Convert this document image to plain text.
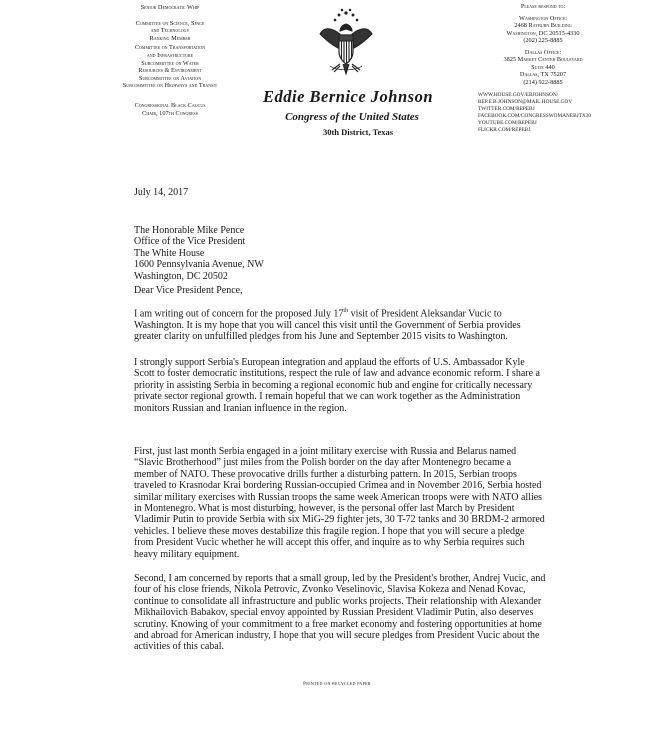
Senior Democratic Whip
Committee on Science, Space
and Technology
Ranking Member
Committee on Transportation
and Infrastructure
Subcommittee on Water
Resources & Environment
Subcommittee on Aviation
Subcommittee on Highways and Transit
Congressional Black Caucus
Chair, 107th Congress
Eddie Bernice Johnson
Congress of the United States
30th District, Texas
Please respond to:
Washington Office:
2468 Rayburn Building
Washington, DC 20515-4330
(202) 225-8885
Dallas Office:
3825 Market Center Boulevard
Suite 440
Dallas, TX 75207
(214) 922-8885
WWW.HOUSE.GOV/EBJOHNSON/
REP.E.B.JOHNSON@MAIL.HOUSE.GOV
TWITTER.COM/REPEBJ
FACEBOOK.COM/CONGRESSWOMANEBJTX30
YOUTUBE.COM/REPEBJ
FLICKR.COM/REPEBJ
July 14, 2017
The Honorable Mike Pence
Office of the Vice President
The White House
1600 Pennsylvania Avenue, NW
Washington, DC 20502
Dear Vice President Pence,
I am writing out of concern for the proposed July 17th visit of President Aleksandar Vucic to Washington. It is my hope that you will cancel this visit until the Government of Serbia provides greater clarity on unfulfilled pledges from his June and September 2015 visits to Washington.
I strongly support Serbia's European integration and applaud the efforts of U.S. Ambassador Kyle Scott to foster democratic institutions, respect the rule of law and advance economic reform. I share a priority in assisting Serbia in becoming a regional economic hub and engine for critically necessary private sector regional growth. I remain hopeful that we can work together as the Administration monitors Russian and Iranian influence in the region.
First, just last month Serbia engaged in a joint military exercise with Russia and Belarus named “Slavic Brotherhood” just miles from the Polish border on the day after Montenegro became a member of NATO. These provocative drills further a disturbing pattern. In 2015, Serbian troops traveled to Krasnodar Krai bordering Russian-occupied Crimea and in November 2016, Serbia hosted similar military exercises with Russian troops the same week American troops were with NATO allies in Montenegro. What is most disturbing, however, is the personal offer last March by President Vladimir Putin to provide Serbia with six MiG-29 fighter jets, 30 T-72 tanks and 30 BRDM-2 armored vehicles. I believe these moves destabilize this fragile region. I hope that you will secure a pledge from President Vucic whether he will accept this offer, and inquire as to why Serbia requires such heavy military equipment.
Second, I am concerned by reports that a small group, led by the President's brother, Andrej Vucic, and four of his close friends, Nikola Petrovic, Zvonko Veselinovic, Slavisa Kokeza and Nenad Kovac, continue to consolidate all infrastructure and public works projects. Their relationship with Alexander Mikhailovich Babakov, special envoy appointed by Russian President Vladimir Putin, also deserves scrutiny. Knowing of your commitment to a free market economy and fostering opportunities at home and abroad for American industry, I hope that you will secure pledges from President Vucic about the activities of this cabal.
Printed on recycled paper
